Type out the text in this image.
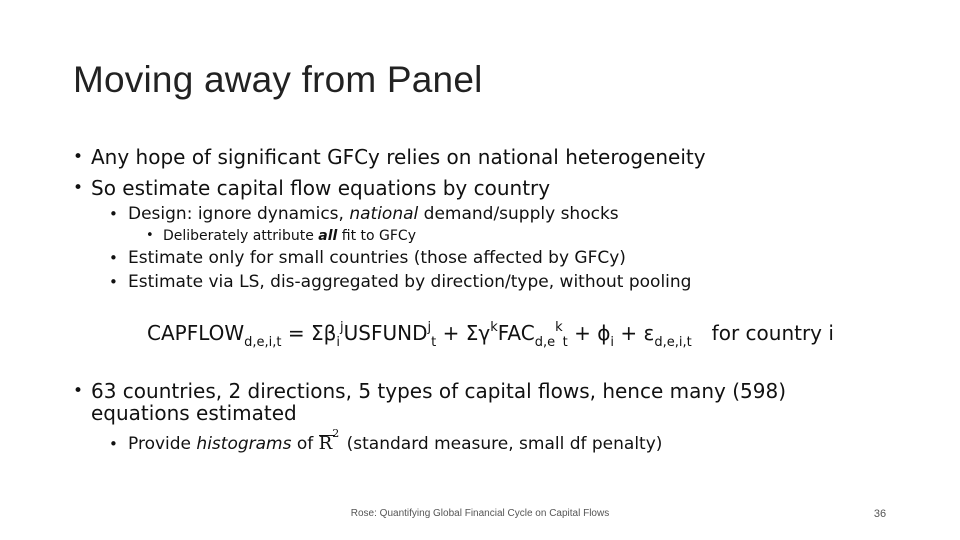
Moving away from Panel
• Any hope of significant GFCy relies on national heterogeneity
• So estimate capital flow equations by country
• Design: ignore dynamics, national demand/supply shocks
• Deliberately attribute all fit to GFCy
• Estimate only for small countries (those affected by GFCy)
• Estimate via LS, dis-aggregated by direction/type, without pooling
$CAPFLOW_{d,e,i,t}$ = $\Sigma\beta_i^jUSFUND^j_t + \Sigma\gamma^kFAC_{d,e}^k_t + \phi_i + \varepsilon_{d,e,i,t}$ for country i
• 63 countries, 2 directions, 5 types of capital flows, hence many (598)
equations estimated
• Provide histograms of $R^2$ (standard measure, small df penalty)
Rose: Quantifying Global Financial Cycle on Capital Flows	36
